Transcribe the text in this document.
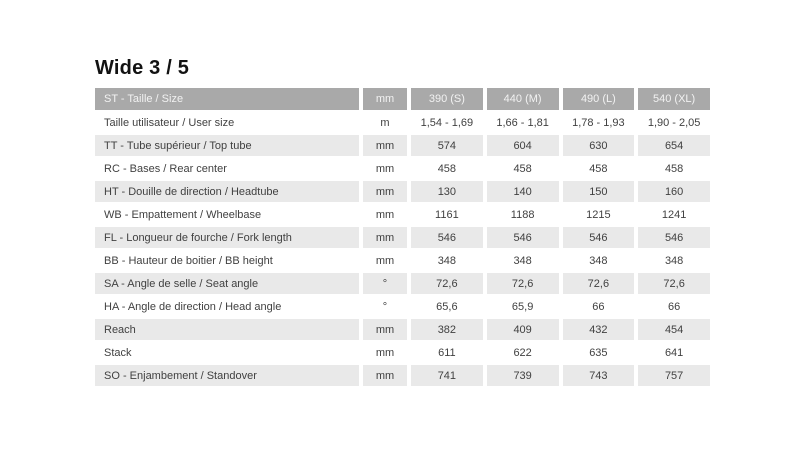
Wide 3 / 5
ST - Taille / Size	mm	390 (S)	440 (M)	490 (L)	540 (XL)
Taille utilisateur / User size	m	1,54 - 1,69	1,66 - 1,81	1,78 - 1,93	1,90 - 2,05
TT - Tube supérieur / Top tube	mm	574	604	630	654
RC - Bases / Rear center	mm	458	458	458	458
HT - Douille de direction / Headtube	mm	130	140	150	160
WB - Empattement / Wheelbase	mm	1161	1188	1215	1241
FL - Longueur de fourche / Fork length	mm	546	546	546	546
BB - Hauteur de boitier / BB height	mm	348	348	348	348
SA - Angle de selle / Seat angle	°	72,6	72,6	72,6	72,6
HA - Angle de direction / Head angle	°	65,6	65,9	66	66
Reach	mm	382	409	432	454
Stack	mm	611	622	635	641
SO - Enjambement / Standover	mm	741	739	743	757
